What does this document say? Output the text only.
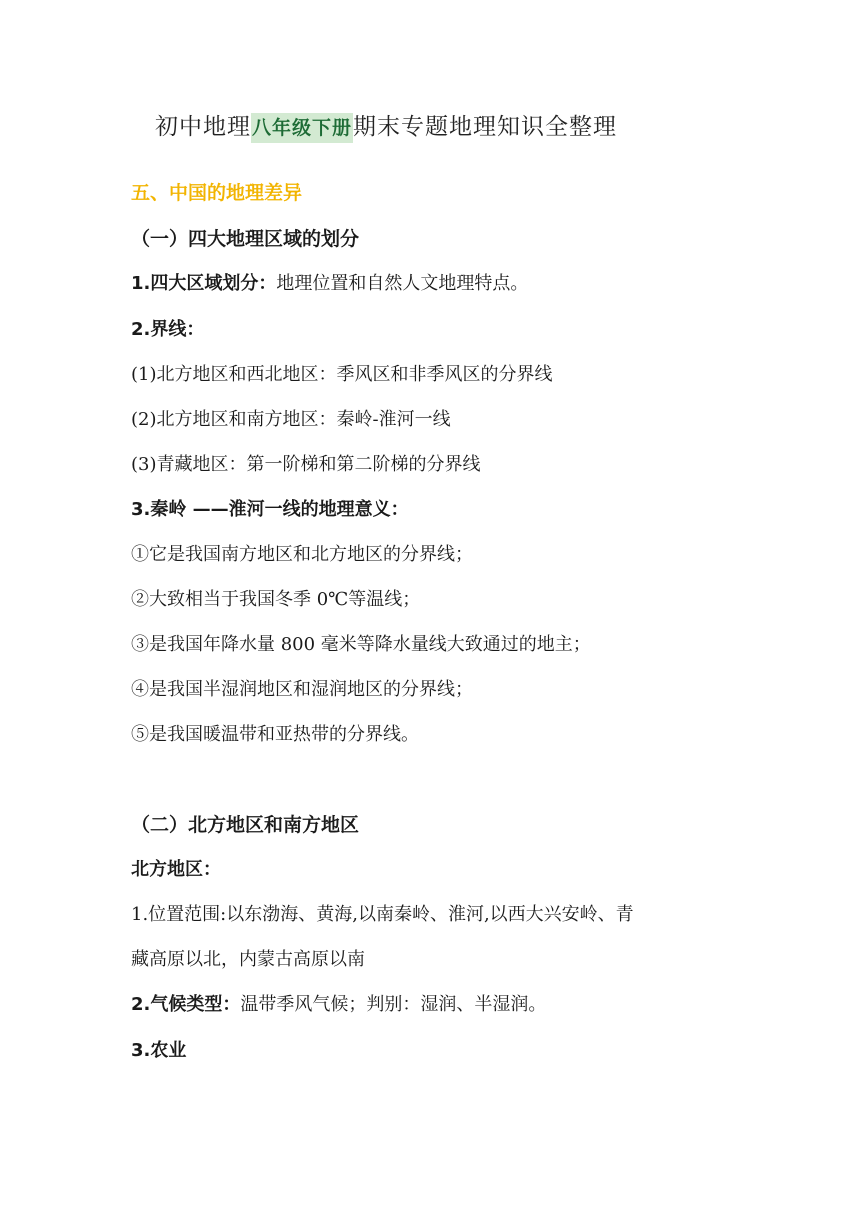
初中地理八年级下册期末专题地理知识全整理
五、中国的地理差异
（一）四大地理区域的划分
1.四大区域划分：地理位置和自然人文地理特点。
2.界线：
(1)北方地区和西北地区：季风区和非季风区的分界线
(2)北方地区和南方地区：秦岭-淮河一线
(3)青藏地区：第一阶梯和第二阶梯的分界线
3.秦岭 ——淮河一线的地理意义：
①它是我国南方地区和北方地区的分界线；
②大致相当于我国冬季 0℃等温线；
③是我国年降水量 800 毫米等降水量线大致通过的地主；
④是我国半湿润地区和湿润地区的分界线；
⑤是我国暖温带和亚热带的分界线。
（二）北方地区和南方地区
北方地区：
1.位置范围:以东渤海、黄海,以南秦岭、淮河,以西大兴安岭、青
藏高原以北，内蒙古高原以南
2.气候类型：温带季风气候；判别：湿润、半湿润。
3.农业
